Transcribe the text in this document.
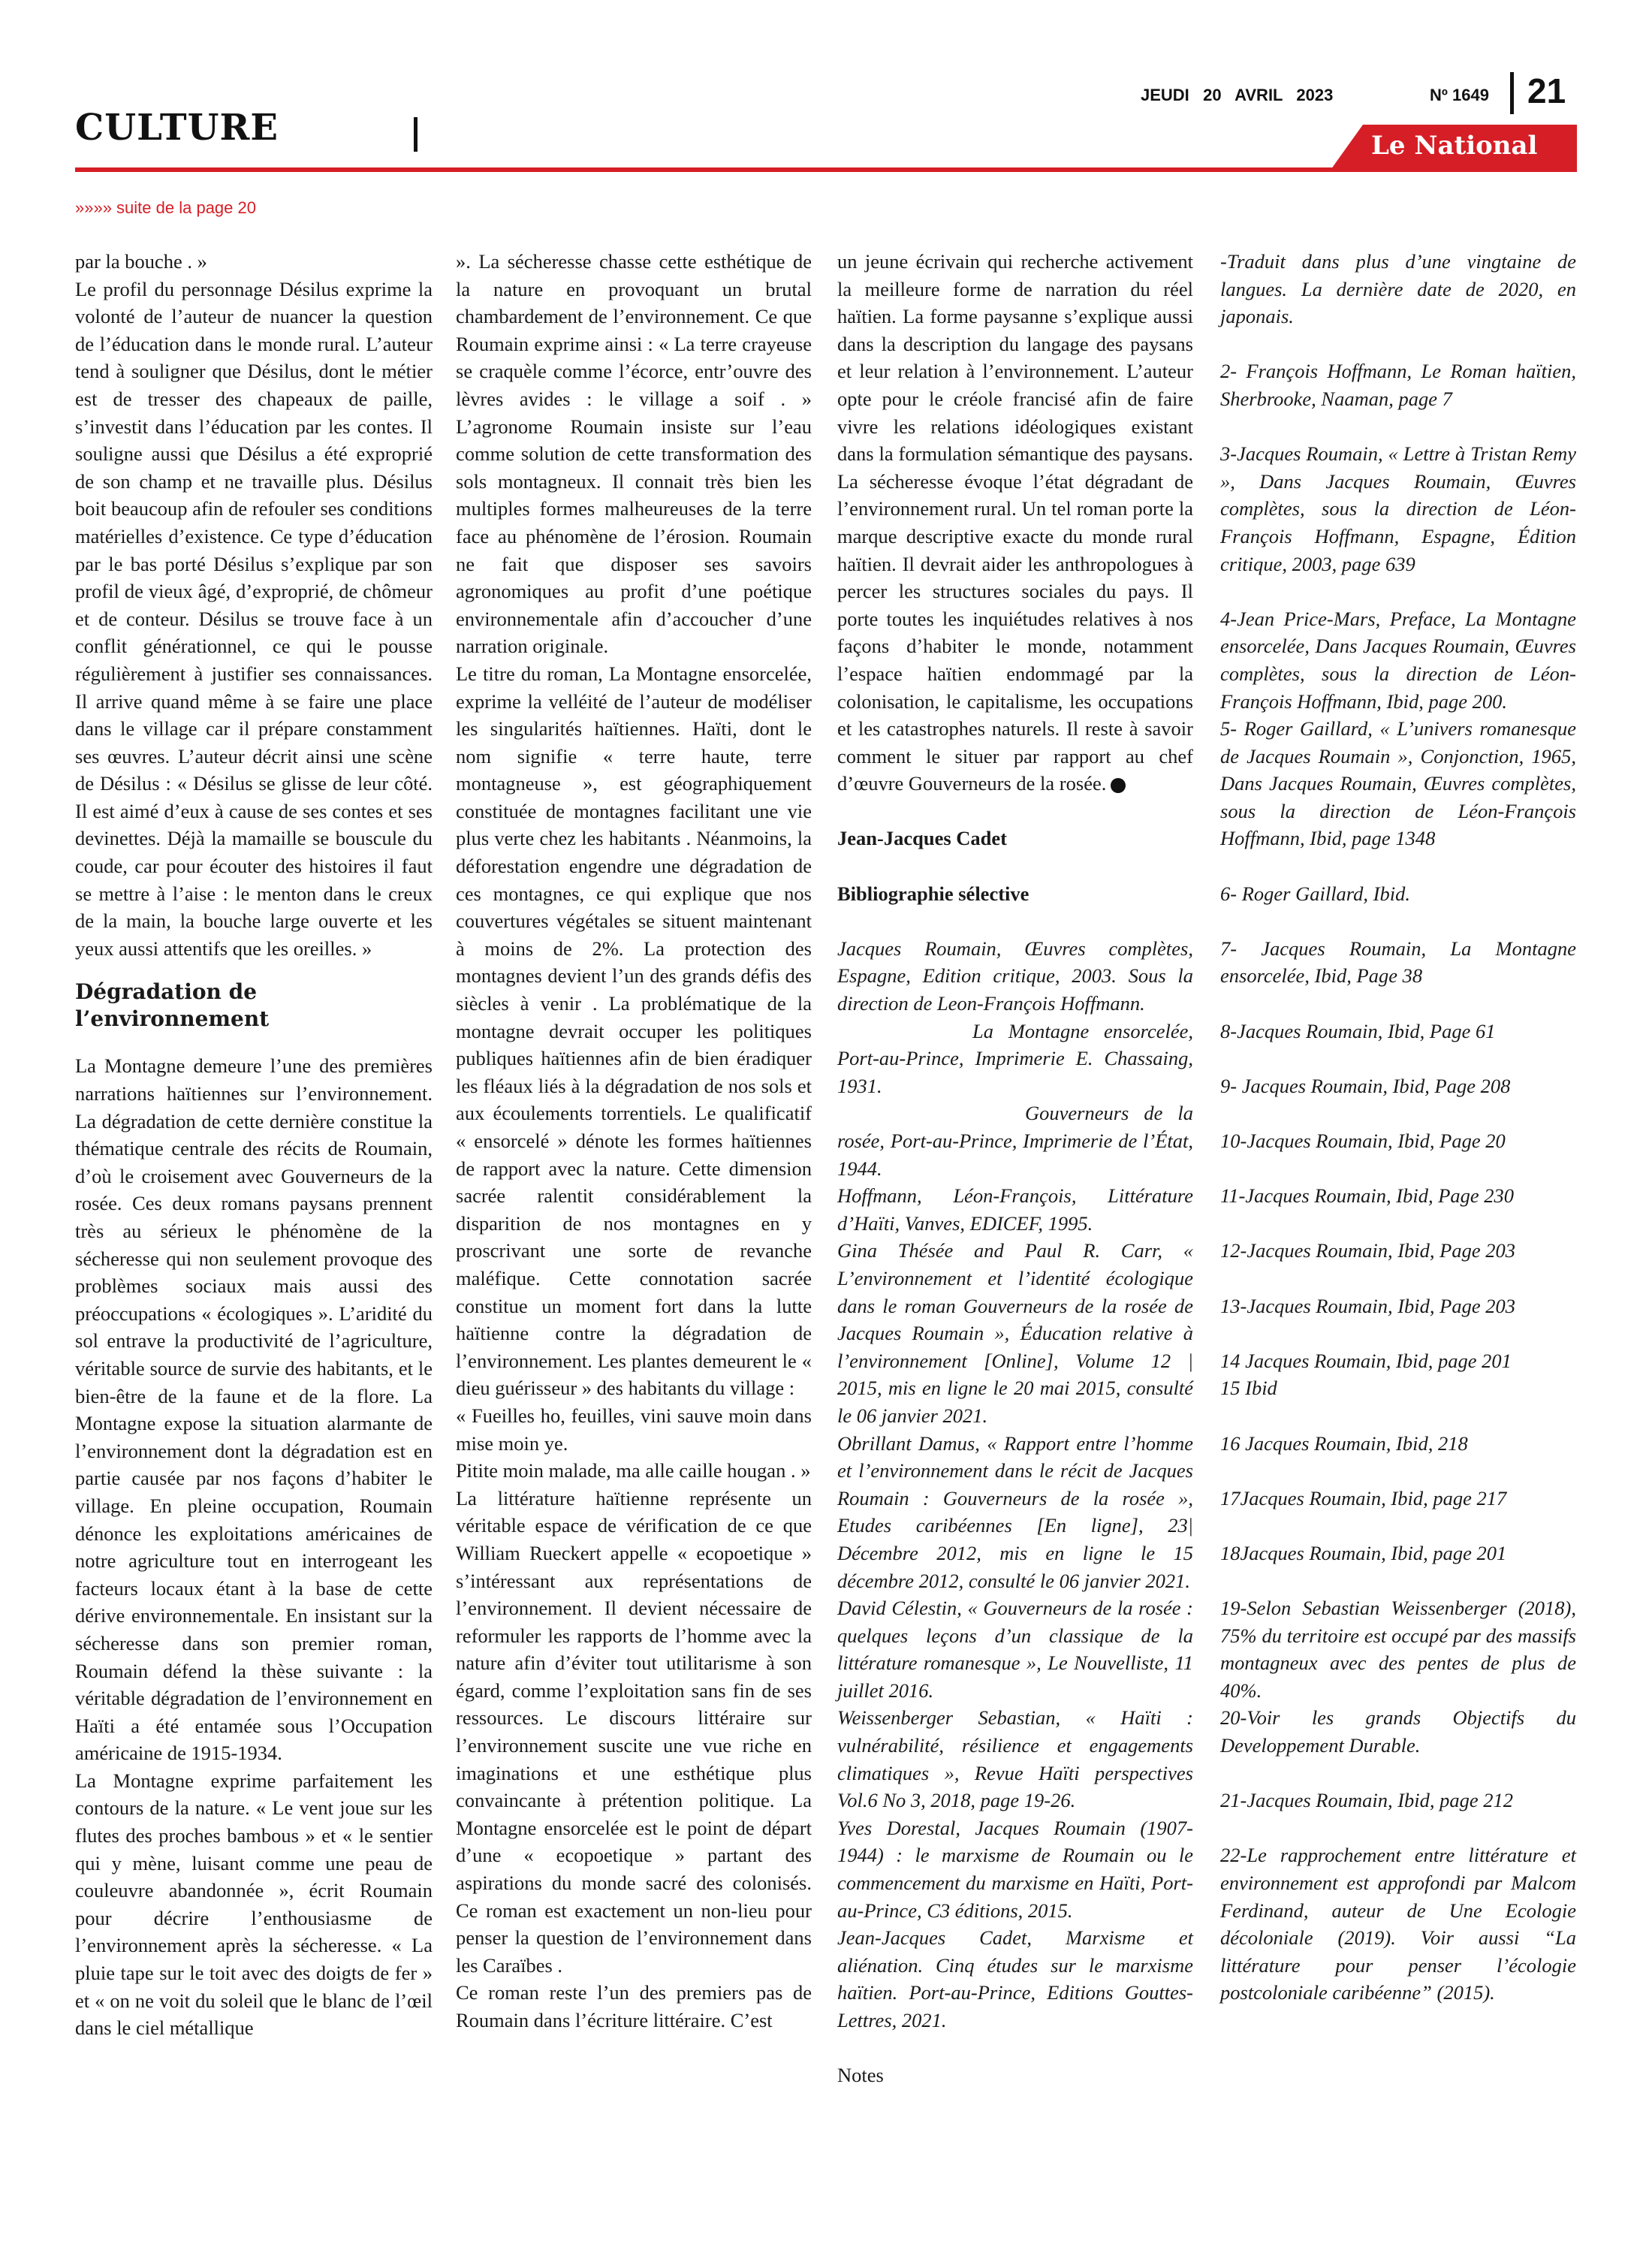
CULTURE
JEUDI   20   AVRIL   2023	Nº 1649 21
Le National
»»»» suite de la page 20

par la bouche . »

Le profil du personnage Désilus exprime la volonté de l’auteur de nuancer la question de l’éducation dans le monde rural. L’auteur tend à souligner que Désilus, dont le métier est de tresser des chapeaux de paille, s’investit dans l’éducation par les contes. Il souligne aussi que Désilus a été exproprié de son champ et ne travaille plus. Désilus boit beaucoup afin de refouler ses conditions matérielles d’existence. Ce type d’éducation par le bas porté Désilus s’explique par son profil de vieux âgé, d’exproprié, de chômeur et de conteur. Désilus se trouve face à un conflit générationnel, ce qui le pousse régulièrement à justifier ses connaissances. Il arrive quand même à se faire une place dans le village car il prépare constamment ses œuvres. L’auteur décrit ainsi une scène de Désilus : « Désilus se glisse de leur côté. Il est aimé d’eux à cause de ses contes et ses devinettes. Déjà la mamaille se bouscule du coude, car pour écouter des histoires il faut se mettre à l’aise : le menton dans le creux de la main, la bouche large ouverte et les yeux aussi attentifs que les oreilles. »

Dégradation de l’environnement

La Montagne demeure l’une des premières narrations haïtiennes sur l’environnement. La dégradation de cette dernière constitue la thématique centrale des récits de Roumain, d’où le croisement avec Gouverneurs de la rosée. Ces deux romans paysans prennent très au sérieux le phénomène de la sécheresse qui non seulement provoque des problèmes sociaux mais aussi des préoccupations « écologiques ». L’aridité du sol entrave la productivité de l’agriculture, véritable source de survie des habitants, et le bien-être de la faune et de la flore. La Montagne expose la situation alarmante de l’environnement dont la dégradation est en partie causée par nos façons d’habiter le village. En pleine occupation, Roumain dénonce les exploitations américaines de notre agriculture tout en interrogeant les facteurs locaux étant à la base de cette dérive environnementale. En insistant sur la sécheresse dans son premier roman, Roumain défend la thèse suivante : la véritable dégradation de l’environnement en Haïti a été entamée sous l’Occupation américaine de 1915-1934.

La Montagne exprime parfaitement les contours de la nature. « Le vent joue sur les flutes des proches bambous » et « le sentier qui y mène, luisant comme une peau de couleuvre abandonnée », écrit Roumain pour décrire l’enthousiasme de l’environnement après la sécheresse. « La pluie tape sur le toit avec des doigts de fer » et « on ne voit du soleil que le blanc de l’œil dans le ciel métallique

». La sécheresse chasse cette esthétique de la nature en provoquant un brutal chambardement de l’environnement. Ce que Roumain exprime ainsi : « La terre crayeuse se craquèle comme l’écorce, entr’ouvre des lèvres avides : le village a soif . » L’agronome Roumain insiste sur l’eau comme solution de cette transformation des sols montagneux. Il connait très bien les multiples formes malheureuses de la terre face au phénomène de l’érosion. Roumain ne fait que disposer ses savoirs agronomiques au profit d’une poétique environnementale afin d’accoucher d’une narration originale.

Le titre du roman, La Montagne ensorcelée, exprime la velléité de l’auteur de modéliser les singularités haïtiennes. Haïti, dont le nom signifie « terre haute, terre montagneuse », est géographiquement constituée de montagnes facilitant une vie plus verte chez les habitants . Néanmoins, la déforestation engendre une dégradation de ces montagnes, ce qui explique que nos couvertures végétales se situent maintenant à moins de 2%. La protection des montagnes devient l’un des grands défis des siècles à venir . La problématique de la montagne devrait occuper les politiques publiques haïtiennes afin de bien éradiquer les fléaux liés à la dégradation de nos sols et aux écoulements torrentiels. Le qualificatif « ensorcelé » dénote les formes haïtiennes de rapport avec la nature. Cette dimension sacrée ralentit considérablement la disparition de nos montagnes en y proscrivant une sorte de revanche maléfique. Cette connotation sacrée constitue un moment fort dans la lutte haïtienne contre la dégradation de l’environnement. Les plantes demeurent le « dieu guérisseur » des habitants du village :

« Fueilles ho, feuilles, vini sauve moin dans mise moin ye.

Pitite moin malade, ma alle caille hougan . »

La littérature haïtienne représente un véritable espace de vérification de ce que William Rueckert appelle « ecopoetique » s’intéressant aux représentations de l’environnement. Il devient nécessaire de reformuler les rapports de l’homme avec la nature afin d’éviter tout utilitarisme à son égard, comme l’exploitation sans fin de ses ressources. Le discours littéraire sur l’environnement suscite une vue riche en imaginations et une esthétique plus convaincante à prétention politique. La Montagne ensorcelée est le point de départ d’une « ecopoetique » partant des aspirations du monde sacré des colonisés. Ce roman est exactement un non-lieu pour penser la question de l’environnement dans les Caraïbes .

Ce roman reste l’un des premiers pas de Roumain dans l’écriture littéraire. C’est

un jeune écrivain qui recherche activement la meilleure forme de narration du réel haïtien. La forme paysanne s’explique aussi dans la description du langage des paysans et leur relation à l’environnement. L’auteur opte pour le créole francisé afin de faire vivre les relations idéologiques existant dans la formulation sémantique des paysans. La sécheresse évoque l’état dégradant de l’environnement rural. Un tel roman porte la marque descriptive exacte du monde rural haïtien. Il devrait aider les anthropologues à percer les structures sociales du pays. Il porte toutes les inquiétudes relatives à nos façons d’habiter le monde, notamment l’espace haïtien endommagé par la colonisation, le capitalisme, les occupations et les catastrophes naturels. Il reste à savoir comment le situer par rapport au chef d’œuvre Gouverneurs de la rosée.

Jean-Jacques Cadet

Bibliographie sélective

Jacques Roumain, Œuvres complètes, Espagne, Edition critique, 2003. Sous la direction de Leon-François Hoffmann.

La Montagne ensorcelée, Port-au-Prince, Imprimerie E. Chassaing, 1931.

Gouverneurs de la rosée, Port-au-Prince, Imprimerie de l’État, 1944.

Hoffmann, Léon-François, Littérature d’Haïti, Vanves, EDICEF, 1995.

Gina Thésée and Paul R. Carr, « L’environnement et l’identité écologique dans le roman Gouverneurs de la rosée de Jacques Roumain », Éducation relative à l’environnement [Online], Volume 12 | 2015, mis en ligne le 20 mai 2015, consulté le 06 janvier 2021.

Obrillant Damus, « Rapport entre l’homme et l’environnement dans le récit de Jacques Roumain : Gouverneurs de la rosée », Etudes caribéennes [En ligne], 23| Décembre 2012, mis en ligne le 15 décembre 2012, consulté le 06 janvier 2021.

David Célestin, « Gouverneurs de la rosée : quelques leçons d’un classique de la littérature romanesque », Le Nouvelliste, 11 juillet 2016.

Weissenberger Sebastian, « Haïti : vulnérabilité, résilience et engagements climatiques », Revue Haïti perspectives Vol.6 No 3, 2018, page 19-26.

Yves Dorestal, Jacques Roumain (1907-1944) : le marxisme de Roumain ou le commencement du marxisme en Haïti, Port-au-Prince, C3 éditions, 2015.

Jean-Jacques Cadet, Marxisme et aliénation. Cinq études sur le marxisme haïtien. Port-au-Prince, Editions Gouttes-Lettres, 2021.

Notes

-Traduit dans plus d’une vingtaine de langues. La dernière date de 2020, en japonais.

2- François Hoffmann, Le Roman haïtien, Sherbrooke, Naaman, page 7

3-Jacques Roumain, « Lettre à Tristan Remy », Dans Jacques Roumain, Œuvres complètes, sous la direction de Léon-François Hoffmann, Espagne, Édition critique, 2003, page 639

4-Jean Price-Mars, Preface, La Montagne ensorcelée, Dans Jacques Roumain, Œuvres complètes, sous la direction de Léon-François Hoffmann, Ibid, page 200.

5- Roger Gaillard, « L’univers romanesque de Jacques Roumain », Conjonction, 1965, Dans Jacques Roumain, Œuvres complètes, sous la direction de Léon-François Hoffmann, Ibid, page 1348

6- Roger Gaillard, Ibid.

7- Jacques Roumain, La Montagne ensorcelée, Ibid, Page 38

8-Jacques Roumain, Ibid, Page 61

9- Jacques Roumain, Ibid, Page 208

10-Jacques Roumain, Ibid, Page 20

11-Jacques Roumain, Ibid, Page 230

12-Jacques Roumain, Ibid, Page 203

13-Jacques Roumain, Ibid, Page 203

14 Jacques Roumain, Ibid, page 201

15 Ibid

16 Jacques Roumain, Ibid, 218

17Jacques Roumain, Ibid, page 217

18Jacques Roumain, Ibid, page 201

19-Selon Sebastian Weissenberger (2018), 75% du territoire est occupé par des massifs montagneux avec des pentes de plus de 40%.

20-Voir les grands Objectifs du Developpement Durable.

21-Jacques Roumain, Ibid, page 212

22-Le rapprochement entre littérature et environnement est approfondi par Malcom Ferdinand, auteur de Une Ecologie décoloniale (2019). Voir aussi “La littérature pour penser l’écologie postcoloniale caribéenne” (2015).
